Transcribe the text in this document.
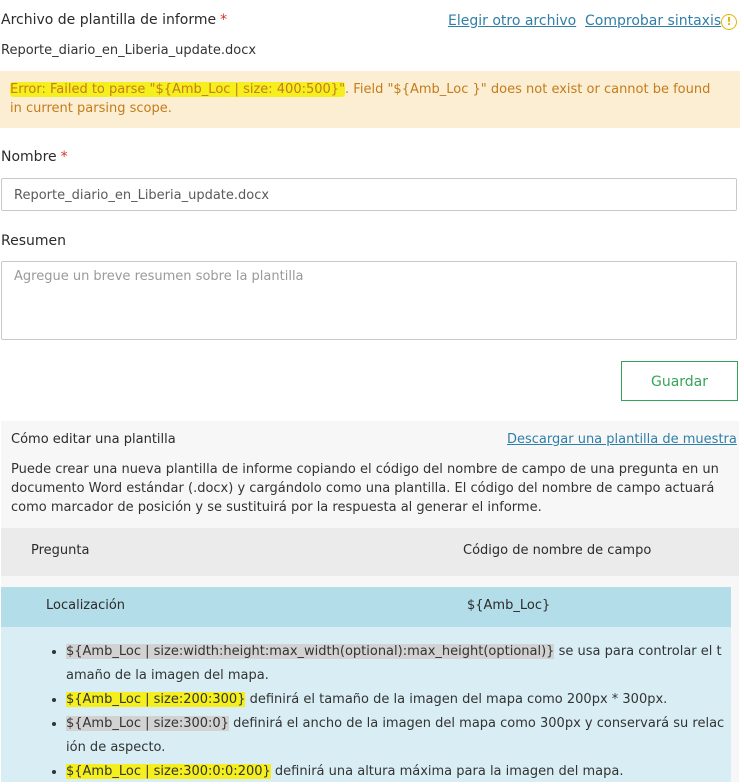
Archivo de plantilla de informe *	Elegir otro archivo Comprobar sintaxis !
Reporte_diario_en_Liberia_update.docx
Error: Failed to parse "${Amb_Loc | size: 400:500}". Field "${Amb_Loc }" does not exist or cannot be found in current parsing scope.
Nombre *
Reporte_diario_en_Liberia_update.docx
Resumen
Agregue un breve resumen sobre la plantilla
Guardar
Cómo editar una plantilla	Descargar una plantilla de muestra
Puede crear una nueva plantilla de informe copiando el código del nombre de campo de una pregunta en un documento Word estándar (.docx) y cargándolo como una plantilla. El código del nombre de campo actuará como marcador de posición y se sustituirá por la respuesta al generar el informe.
Pregunta	Código de nombre de campo
Localización	${Amb_Loc}
• ${Amb_Loc | size:width:height:max_width(optional):max_height(optional)} se usa para controlar el t amaño de la imagen del mapa.
• ${Amb_Loc | size:200:300} definirá el tamaño de la imagen del mapa como 200px * 300px.
• ${Amb_Loc | size:300:0} definirá el ancho de la imagen del mapa como 300px y conservará su relac ión de aspecto.
• ${Amb_Loc | size:300:0:0:200} definirá una altura máxima para la imagen del mapa.
